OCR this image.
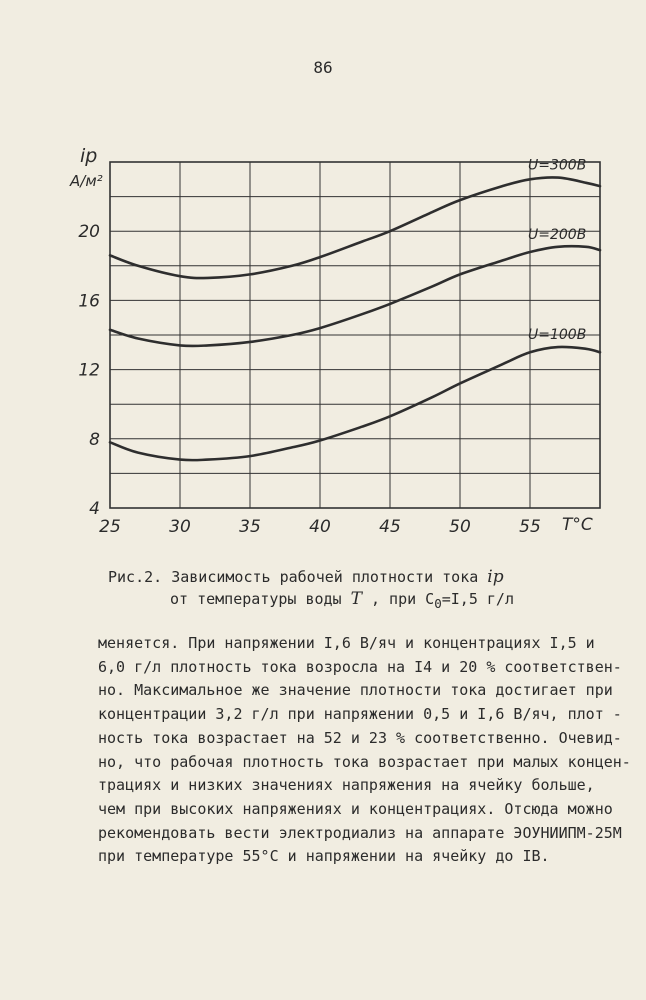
86
U=300В
U=200В
U=100В
25	30	35	40	45	50	55
4
8
12
16
20
T°C
ip
A/м²
Рис.2. Зависимость рабочей плотности тока ip
от температуры воды T , при $C_0=I,5$ г/л
меняется. При напряжении I,6 В/яч и концентрациях I,5 и
6,0 г/л плотность тока возросла на I4 и 20 % соответствен-
но. Максимальное же значение плотности тока достигает при
концентрации 3,2 г/л при напряжении 0,5 и I,6 В/яч, плот -
ность тока возрастает на 52 и 23 % соответственно. Очевид-
но, что рабочая плотность тока возрастает при малых концен-
трациях и низких значениях напряжения на ячейку больше,
чем при высоких напряжениях и концентрациях. Отсюда можно
рекомендовать вести электродиализ на аппарате ЭОУНИИПМ-25М
при температуре 55°С и напряжении на ячейку до IB.
